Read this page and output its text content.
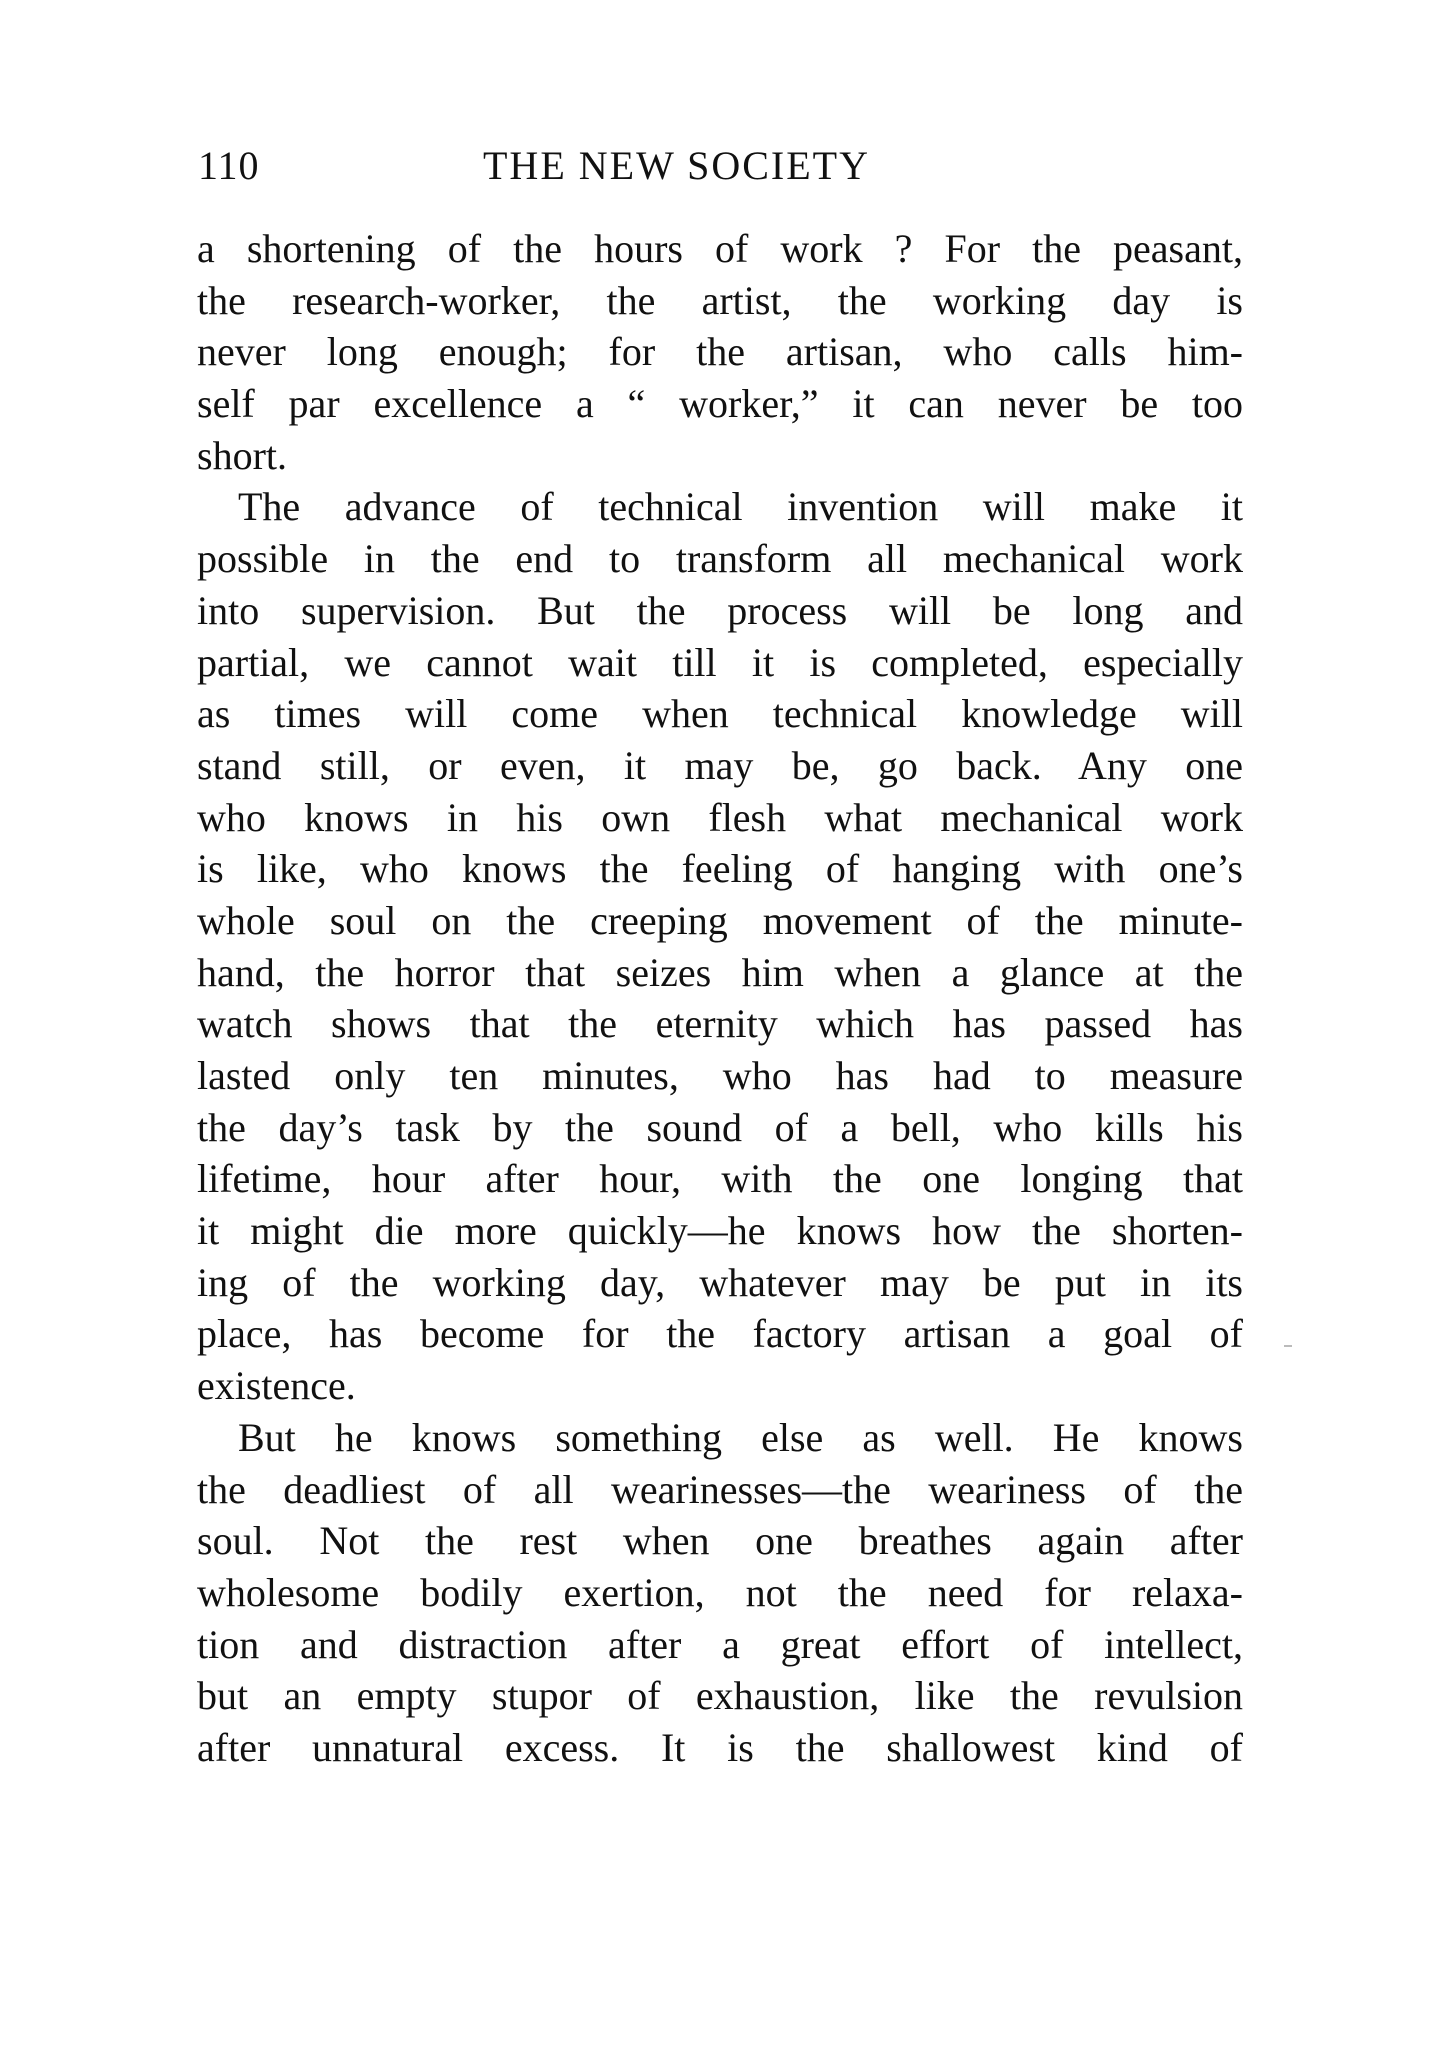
110	THE NEW SOCIETY
a shortening of the hours of work ? For the peasant,
the research-worker, the artist, the working day is
never long enough; for the artisan, who calls him-
self par excellence a “ worker,” it can never be too
short.
The advance of technical invention will make it
possible in the end to transform all mechanical work
into supervision. But the process will be long and
partial, we cannot wait till it is completed, especially
as times will come when technical knowledge will
stand still, or even, it may be, go back. Any one
who knows in his own flesh what mechanical work
is like, who knows the feeling of hanging with one’s
whole soul on the creeping movement of the minute-
hand, the horror that seizes him when a glance at the
watch shows that the eternity which has passed has
lasted only ten minutes, who has had to measure
the day’s task by the sound of a bell, who kills his
lifetime, hour after hour, with the one longing that
it might die more quickly—he knows how the shorten-
ing of the working day, whatever may be put in its
place, has become for the factory artisan a goal of
existence.
But he knows something else as well. He knows
the deadliest of all wearinesses—the weariness of the
soul. Not the rest when one breathes again after
wholesome bodily exertion, not the need for relaxa-
tion and distraction after a great effort of intellect,
but an empty stupor of exhaustion, like the revulsion
after unnatural excess. It is the shallowest kind of
